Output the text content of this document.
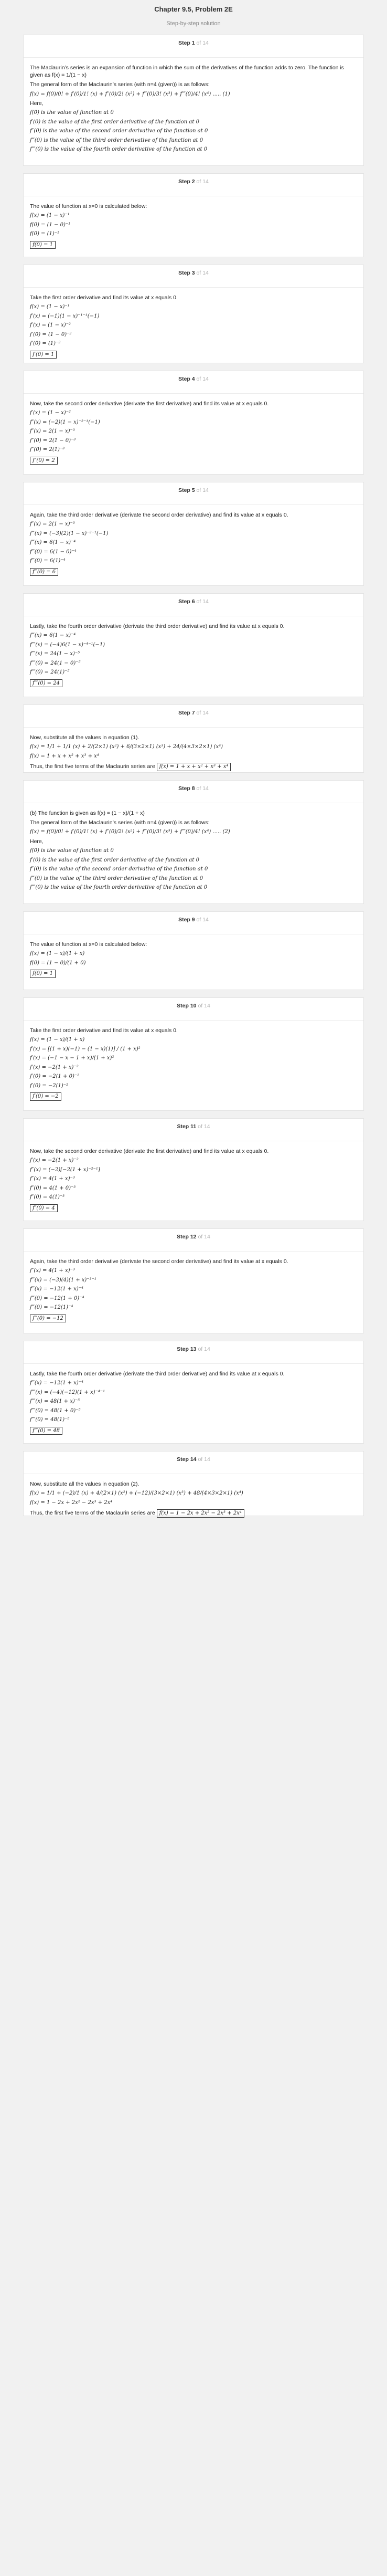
Chapter 9.5, Problem 2E
Step-by-step solution
Step 1 of 14
The Maclaurin’s series is an expansion of function in which the sum of the derivatives of the function adds to zero. The function is given as f(x) = 1/(1 − x)
The general form of the Maclaurin’s series (with n=4 (given)) is as follows:
f(x) = f(0)/0! + f′(0)/1! (x) + f″(0)/2! (x²) + f‴(0)/3! (x³) + f⁗(0)/4! (x⁴) ..... (1)
Here,
f(0) is the value of function at 0
f′(0) is the value of the first order derivative of the function at 0
f″(0) is the value of the second order derivative of the function at 0
f‴(0) is the value of the third order derivative of the function at 0
f⁗(0) is the value of the fourth order derivative of the function at 0
Step 2 of 14
The value of function at x=0 is calculated below:
f(x) = (1 − x)⁻¹
f(0) = (1 − 0)⁻¹
f(0) = (1)⁻¹
f(0) = 1
Step 3 of 14
Take the first order derivative and find its value at x equals 0.
f(x) = (1 − x)⁻¹
f′(x) = (−1)(1 − x)⁻¹⁻¹(−1)
f′(x) = (1 − x)⁻²
f′(0) = (1 − 0)⁻²
f′(0) = (1)⁻²
f′(0) = 1
Step 4 of 14
Now, take the second order derivative (derivate the first derivative) and find its value at x equals 0.
f′(x) = (1 − x)⁻²
f″(x) = (−2)(1 − x)⁻²⁻¹(−1)
f″(x) = 2(1 − x)⁻³
f″(0) = 2(1 − 0)⁻³
f″(0) = 2(1)⁻³
f″(0) = 2
Step 5 of 14
Again, take the third order derivative (derivate the second order derivative) and find its value at x equals 0.
f″(x) = 2(1 − x)⁻³
f‴(x) = (−3)(2)(1 − x)⁻³⁻¹(−1)
f‴(x) = 6(1 − x)⁻⁴
f‴(0) = 6(1 − 0)⁻⁴
f‴(0) = 6(1)⁻⁴
f‴(0) = 6
Step 6 of 14
Lastly, take the fourth order derivative (derivate the third order derivative) and find its value at x equals 0.
f‴(x) = 6(1 − x)⁻⁴
f⁗(x) = (−4)6(1 − x)⁻⁴⁻¹(−1)
f⁗(x) = 24(1 − x)⁻⁵
f⁗(0) = 24(1 − 0)⁻⁵
f⁗(0) = 24(1)⁻⁵
f⁗(0) = 24
Step 7 of 14
Now, substitute all the values in equation (1).
f(x) = 1/1 + 1/1 (x) + 2/(2×1) (x²) + 6/(3×2×1) (x³) + 24/(4×3×2×1) (x⁴)
f(x) = 1 + x + x² + x³ + x⁴
Thus, the first five terms of the Maclaurin series are f(x) = 1 + x + x² + x³ + x⁴
Step 8 of 14
(b) The function is given as f(x) = (1 − x)/(1 + x)
The general form of the Maclaurin’s series (with n=4 (given)) is as follows:
f(x) = f(0)/0! + f′(0)/1! (x) + f″(0)/2! (x²) + f‴(0)/3! (x³) + f⁗(0)/4! (x⁴) ..... (2)
Here,
f(0) is the value of function at 0
f′(0) is the value of the first order derivative of the function at 0
f″(0) is the value of the second order derivative of the function at 0
f‴(0) is the value of the third order derivative of the function at 0
f⁗(0) is the value of the fourth order derivative of the function at 0
Step 9 of 14
The value of function at x=0 is calculated below:
f(x) = (1 − x)/(1 + x)
f(0) = (1 − 0)/(1 + 0)
f(0) = 1
Step 10 of 14
Take the first order derivative and find its value at x equals 0.
f(x) = (1 − x)/(1 + x)
f′(x) = [(1 + x)(−1) − (1 − x)(1)] / (1 + x)²
f′(x) = (−1 − x − 1 + x)/(1 + x)²
f′(x) = −2(1 + x)⁻²
f′(0) = −2(1 + 0)⁻²
f′(0) = −2(1)⁻²
f′(0) = −2
Step 11 of 14
Now, take the second order derivative (derivate the first derivative) and find its value at x equals 0.
f′(x) = −2(1 + x)⁻²
f″(x) = (−2)[−2(1 + x)⁻²⁻¹]
f″(x) = 4(1 + x)⁻³
f″(0) = 4(1 + 0)⁻³
f″(0) = 4(1)⁻³
f″(0) = 4
Step 12 of 14
Again, take the third order derivative (derivate the second order derivative) and find its value at x equals 0.
f″(x) = 4(1 + x)⁻³
f‴(x) = (−3)(4)(1 + x)⁻³⁻¹
f‴(x) = −12(1 + x)⁻⁴
f‴(0) = −12(1 + 0)⁻⁴
f‴(0) = −12(1)⁻⁴
f‴(0) = −12
Step 13 of 14
Lastly, take the fourth order derivative (derivate the third order derivative) and find its value at x equals 0.
f‴(x) = −12(1 + x)⁻⁴
f⁗(x) = (−4)(−12)(1 + x)⁻⁴⁻¹
f⁗(x) = 48(1 + x)⁻⁵
f⁗(0) = 48(1 + 0)⁻⁵
f⁗(0) = 48(1)⁻⁵
f⁗(0) = 48
Step 14 of 14
Now, substitute all the values in equation (2).
f(x) = 1/1 + (−2)/1 (x) + 4/(2×1) (x²) + (−12)/(3×2×1) (x³) + 48/(4×3×2×1) (x⁴)
f(x) = 1 − 2x + 2x² − 2x³ + 2x⁴
Thus, the first five terms of the Maclaurin series are f(x) = 1 − 2x + 2x² − 2x³ + 2x⁴
